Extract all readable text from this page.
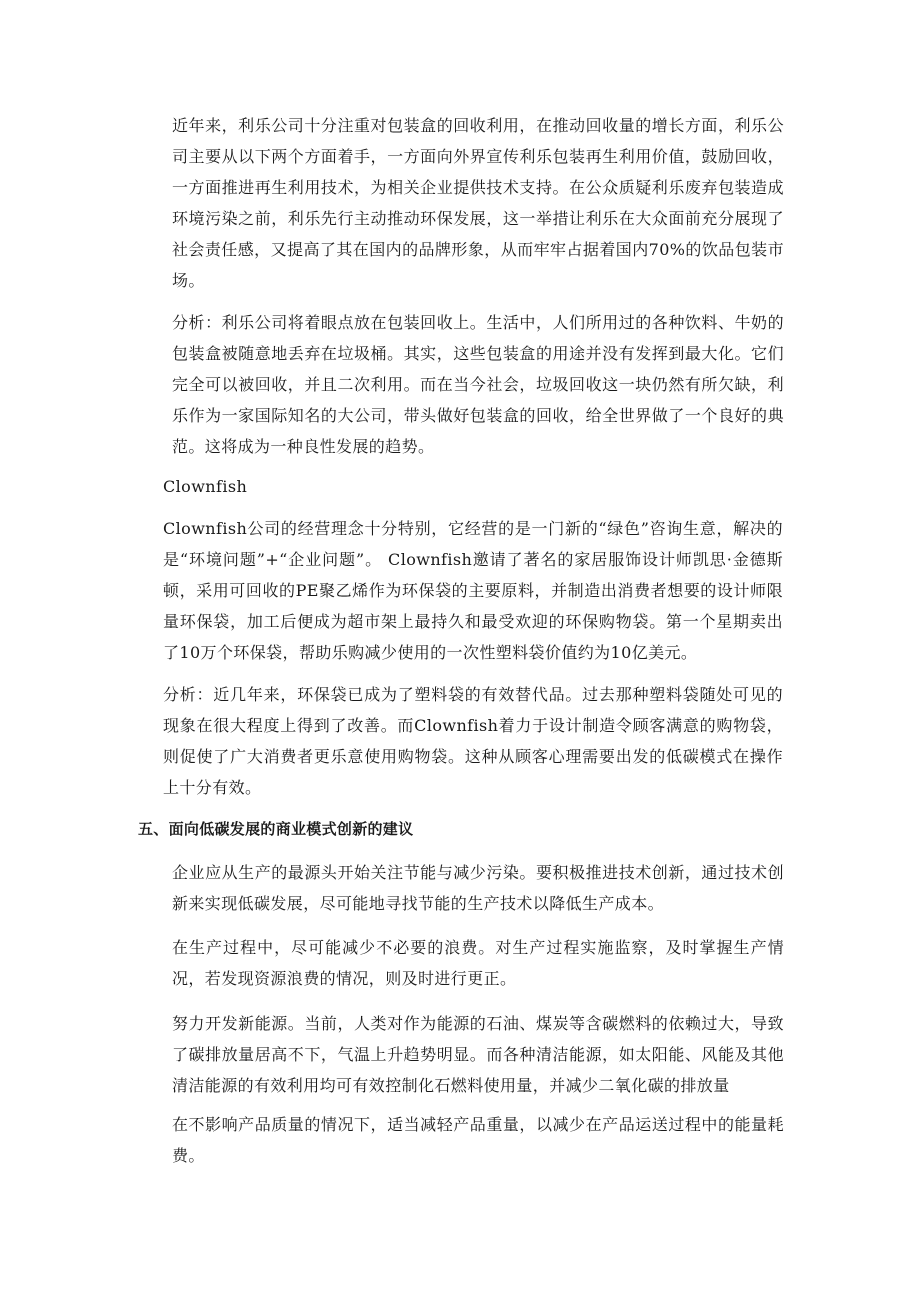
近年来，利乐公司十分注重对包装盒的回收利用，在推动回收量的增长方面，利乐公司主要从以下两个方面着手，一方面向外界宣传利乐包装再生利用价值，鼓励回收，一方面推进再生利用技术，为相关企业提供技术支持。在公众质疑利乐废弃包装造成环境污染之前，利乐先行主动推动环保发展，这一举措让利乐在大众面前充分展现了社会责任感，又提高了其在国内的品牌形象，从而牢牢占据着国内70%的饮品包装市场。

分析：利乐公司将着眼点放在包装回收上。生活中，人们所用过的各种饮料、牛奶的包装盒被随意地丢弃在垃圾桶。其实，这些包装盒的用途并没有发挥到最大化。它们完全可以被回收，并且二次利用。而在当今社会，垃圾回收这一块仍然有所欠缺，利乐作为一家国际知名的大公司，带头做好包装盒的回收，给全世界做了一个良好的典范。这将成为一种良性发展的趋势。

Clownfish

Clownfish公司的经营理念十分特别，它经营的是一门新的“绿色”咨询生意，解决的是“环境问题”+“企业问题”。 Clownfish邀请了著名的家居服饰设计师凯思·金德斯顿，采用可回收的PE聚乙烯作为环保袋的主要原料，并制造出消费者想要的设计师限量环保袋，加工后便成为超市架上最持久和最受欢迎的环保购物袋。第一个星期卖出了10万个环保袋，帮助乐购减少使用的一次性塑料袋价值约为10亿美元。

分析：近几年来，环保袋已成为了塑料袋的有效替代品。过去那种塑料袋随处可见的现象在很大程度上得到了改善。而Clownfish着力于设计制造令顾客满意的购物袋，则促使了广大消费者更乐意使用购物袋。这种从顾客心理需要出发的低碳模式在操作上十分有效。

五、面向低碳发展的商业模式创新的建议

企业应从生产的最源头开始关注节能与减少污染。要积极推进技术创新，通过技术创新来实现低碳发展，尽可能地寻找节能的生产技术以降低生产成本。

在生产过程中，尽可能减少不必要的浪费。对生产过程实施监察，及时掌握生产情况，若发现资源浪费的情况，则及时进行更正。

努力开发新能源。当前，人类对作为能源的石油、煤炭等含碳燃料的依赖过大，导致了碳排放量居高不下，气温上升趋势明显。而各种清洁能源，如太阳能、风能及其他清洁能源的有效利用均可有效控制化石燃料使用量，并减少二氧化碳的排放量

在不影响产品质量的情况下，适当减轻产品重量，以减少在产品运送过程中的能量耗费。
